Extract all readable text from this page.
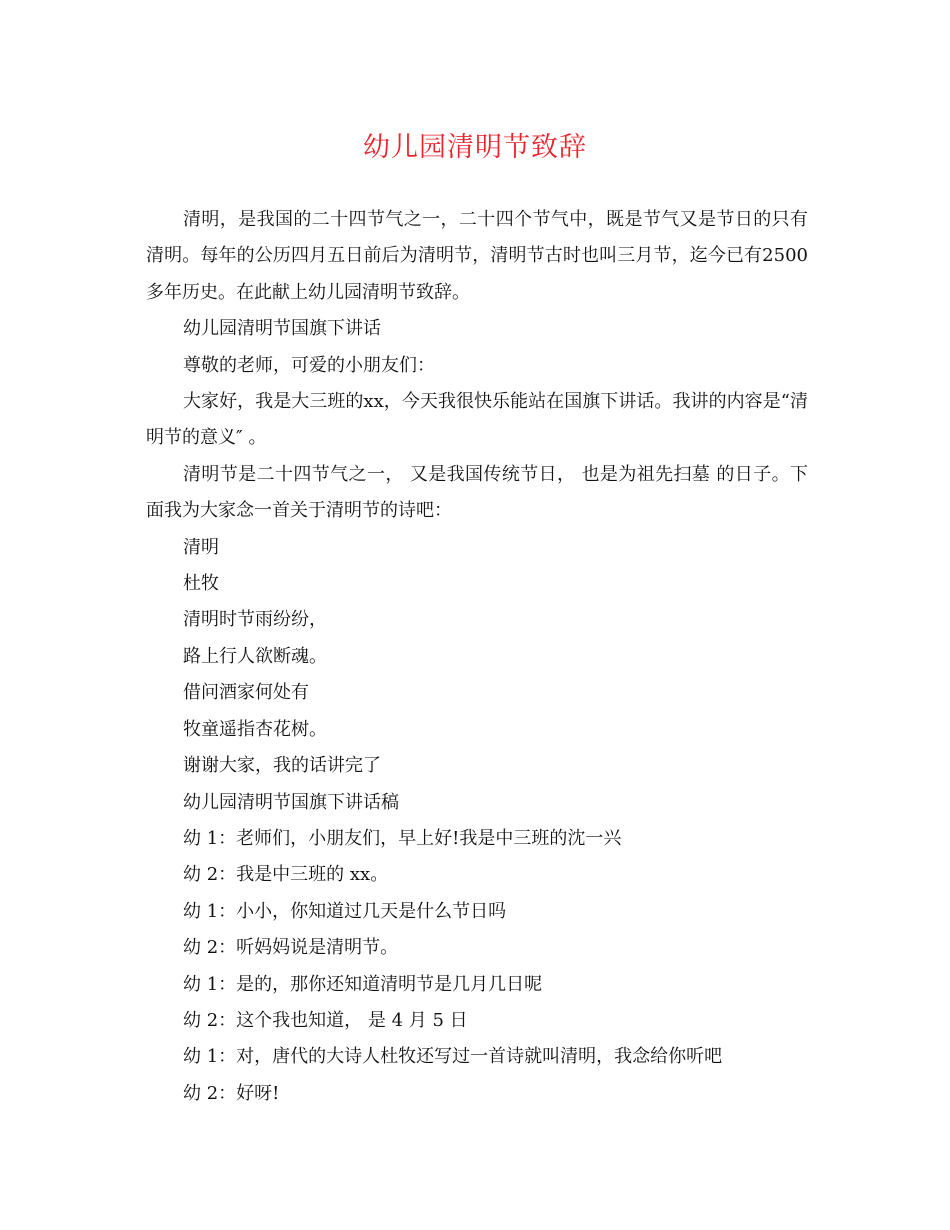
幼儿园清明节致辞

清明，是我国的二十四节气之一，二十四个节气中，既是节气又是节日的只有清明。每年的公历四月五日前后为清明节，清明节古时也叫三月节，迄今已有2500多年历史。在此献上幼儿园清明节致辞。

幼儿园清明节国旗下讲话

尊敬的老师，可爱的小朋友们：

大家好，我是大三班的xx，今天我很快乐能站在国旗下讲话。我讲的内容是“清明节的意义″ 。

清明节是二十四节气之一， 又是我国传统节日， 也是为祖先扫墓 的日子。下面我为大家念一首关于清明节的诗吧：

清明

杜牧

清明时节雨纷纷，

路上行人欲断魂。

借问酒家何处有

牧童遥指杏花树。

谢谢大家，我的话讲完了

幼儿园清明节国旗下讲话稿

幼 1：老师们，小朋友们，早上好!我是中三班的沈一兴

幼 2：我是中三班的 xx。

幼 1：小小，你知道过几天是什么节日吗

幼 2：听妈妈说是清明节。

幼 1：是的，那你还知道清明节是几月几日呢

幼 2：这个我也知道， 是 4 月 5 日

幼 1：对，唐代的大诗人杜牧还写过一首诗就叫清明，我念给你听吧

幼 2：好呀!
